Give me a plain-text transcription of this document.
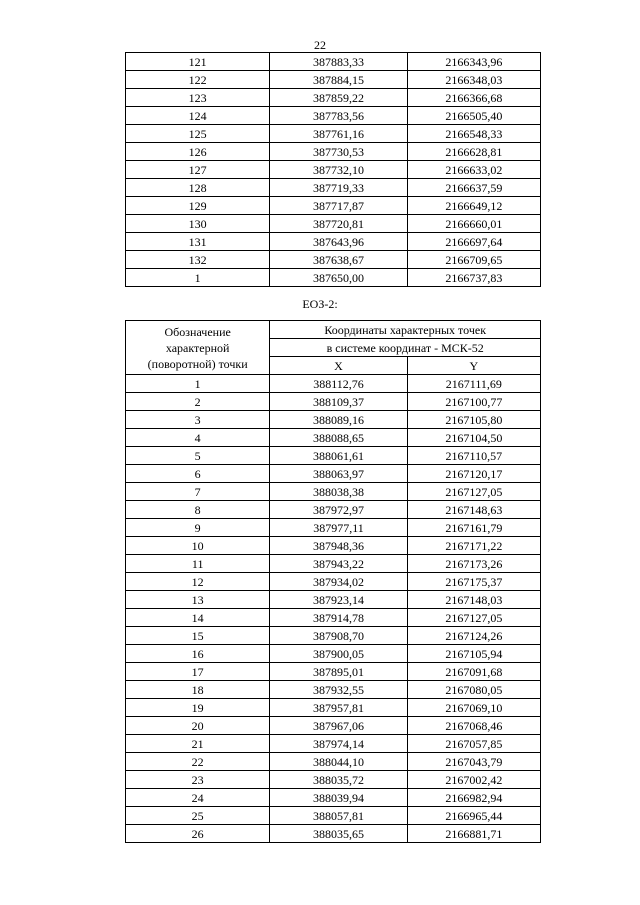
22
121	387883,33	2166343,96
122	387884,15	2166348,03
123	387859,22	2166366,68
124	387783,56	2166505,40
125	387761,16	2166548,33
126	387730,53	2166628,81
127	387732,10	2166633,02
128	387719,33	2166637,59
129	387717,87	2166649,12
130	387720,81	2166660,01
131	387643,96	2166697,64
132	387638,67	2166709,65
1	387650,00	2166737,83
ЕОЗ-2:
Обозначение
характерной
(поворотной) точки	Координаты характерных точек	
	в системе координат - МСК-52	
	X	Y
1	388112,76	2167111,69
2	388109,37	2167100,77
3	388089,16	2167105,80
4	388088,65	2167104,50
5	388061,61	2167110,57
6	388063,97	2167120,17
7	388038,38	2167127,05
8	387972,97	2167148,63
9	387977,11	2167161,79
10	387948,36	2167171,22
11	387943,22	2167173,26
12	387934,02	2167175,37
13	387923,14	2167148,03
14	387914,78	2167127,05
15	387908,70	2167124,26
16	387900,05	2167105,94
17	387895,01	2167091,68
18	387932,55	2167080,05
19	387957,81	2167069,10
20	387967,06	2167068,46
21	387974,14	2167057,85
22	388044,10	2167043,79
23	388035,72	2167002,42
24	388039,94	2166982,94
25	388057,81	2166965,44
26	388035,65	2166881,71
